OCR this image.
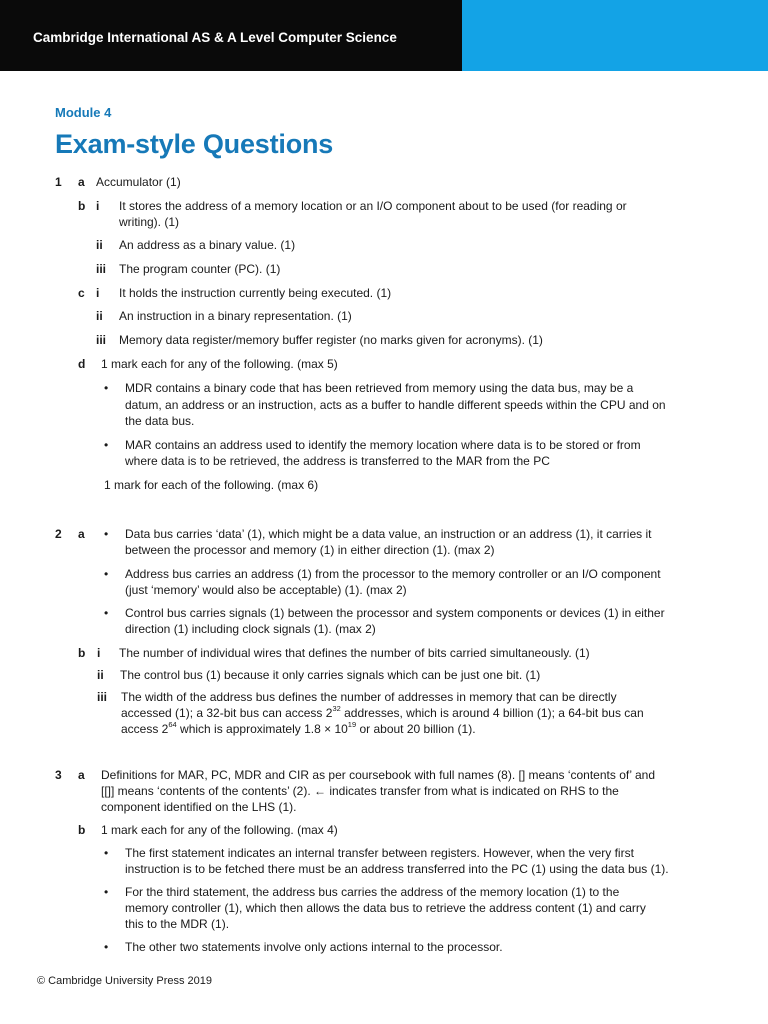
Cambridge International AS & A Level Computer Science
Module 4
Exam-style Questions
1 a Accumulator (1)
b i It stores the address of a memory location or an I/O component about to be used (for reading or
writing). (1)
ii An address as a binary value. (1)
iii The program counter (PC). (1)
c i It holds the instruction currently being executed. (1)
ii An instruction in a binary representation. (1)
iii Memory data register/memory buffer register (no marks given for acronyms). (1)
d 1 mark each for any of the following. (max 5)
• MDR contains a binary code that has been retrieved from memory using the data bus, may be a
datum, an address or an instruction, acts as a buffer to handle different speeds within the CPU and on
the data bus.
• MAR contains an address used to identify the memory location where data is to be stored or from
where data is to be retrieved, the address is transferred to the MAR from the PC
1 mark for each of the following. (max 6)
2 a • Data bus carries ‘data’ (1), which might be a data value, an instruction or an address (1), it carries it
between the processor and memory (1) in either direction (1). (max 2)
• Address bus carries an address (1) from the processor to the memory controller or an I/O component
(just ‘memory’ would also be acceptable) (1). (max 2)
• Control bus carries signals (1) between the processor and system components or devices (1) in either
direction (1) including clock signals (1). (max 2)
b i The number of individual wires that defines the number of bits carried simultaneously. (1)
ii The control bus (1) because it only carries signals which can be just one bit. (1)
iii The width of the address bus defines the number of addresses in memory that can be directly
accessed (1); a 32-bit bus can access $2^{32}$ addresses, which is around 4 billion (1); a 64-bit bus can
access $2^{64}$ which is approximately $1.8 \times 10^{19}$ or about 20 billion (1).
3 a Definitions for MAR, PC, MDR and CIR as per coursebook with full names (8). [] means ‘contents of’ and
[[]] means ‘contents of the contents’ (2). ← indicates transfer from what is indicated on RHS to the
component identified on the LHS (1).
b 1 mark each for any of the following. (max 4)
• The first statement indicates an internal transfer between registers. However, when the very first
instruction is to be fetched there must be an address transferred into the PC (1) using the data bus (1).
• For the third statement, the address bus carries the address of the memory location (1) to the
memory controller (1), which then allows the data bus to retrieve the address content (1) and carry
this to the MDR (1).
• The other two statements involve only actions internal to the processor.
© Cambridge University Press 2019
